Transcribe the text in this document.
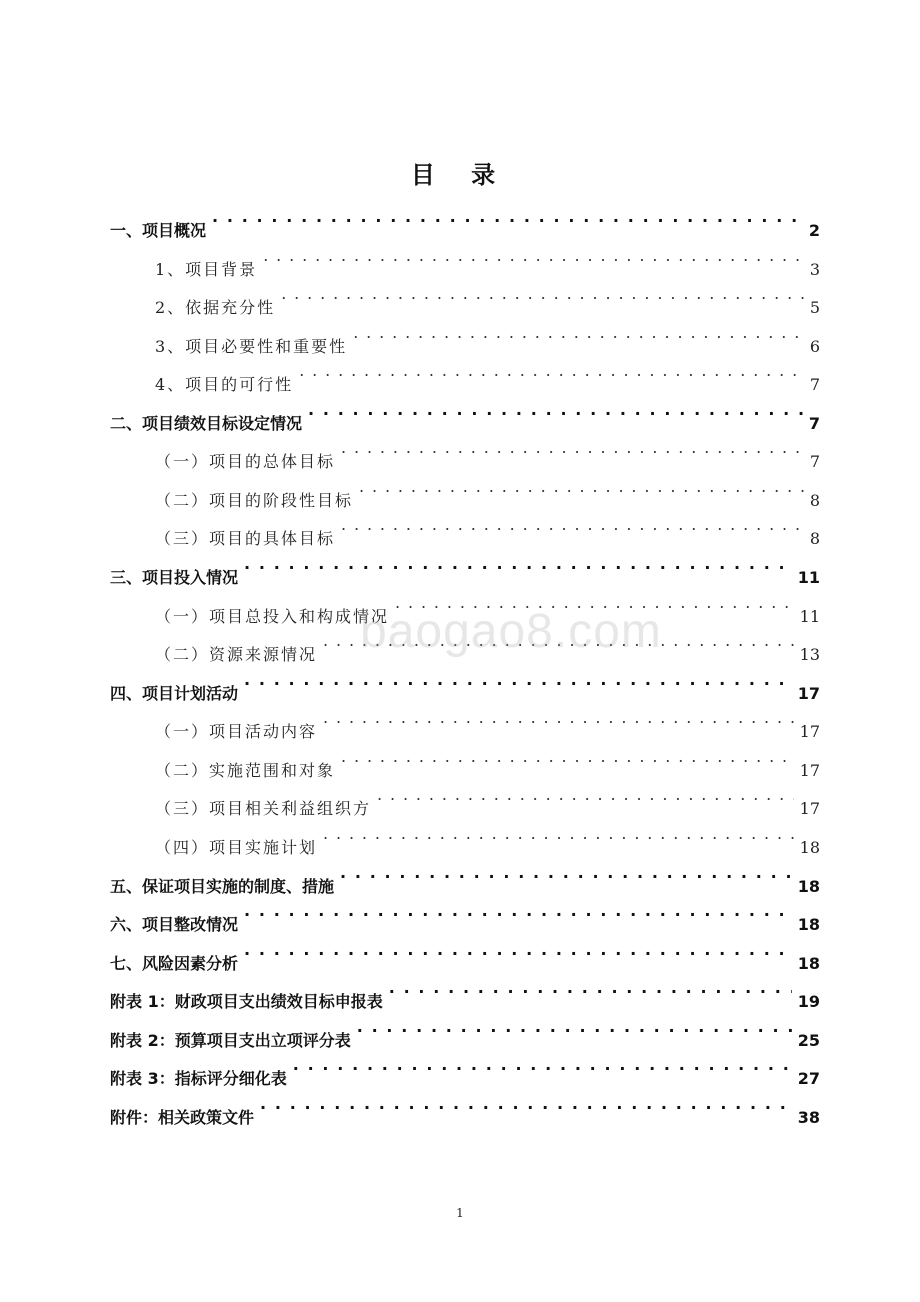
目 录
一、项目概况 . . .	2
1、项目背景 . . .	3
2、依据充分性 . . .	5
3、项目必要性和重要性 . . .	6
4、项目的可行性 . . .	7
二、项目绩效目标设定情况 . . .	7
（一）项目的总体目标 . . .	7
（二）项目的阶段性目标 . . .	8
（三）项目的具体目标 . . .	8
三、项目投入情况 . . .	11
（一）项目总投入和构成情况 . . .	11
（二）资源来源情况 . . .	13
四、项目计划活动 . . .	17
（一）项目活动内容 . . .	17
（二）实施范围和对象 . . .	17
（三）项目相关利益组织方 . . .	17
（四）项目实施计划 . . .	18
五、保证项目实施的制度、措施 . . .	18
六、项目整改情况 . . .	18
七、风险因素分析 . . .	18
附表 1：财政项目支出绩效目标申报表 . . .	19
附表 2：预算项目支出立项评分表 . . .	25
附表 3：指标评分细化表 . . .	27
附件：相关政策文件 . . .	38
baogao8.com
1
